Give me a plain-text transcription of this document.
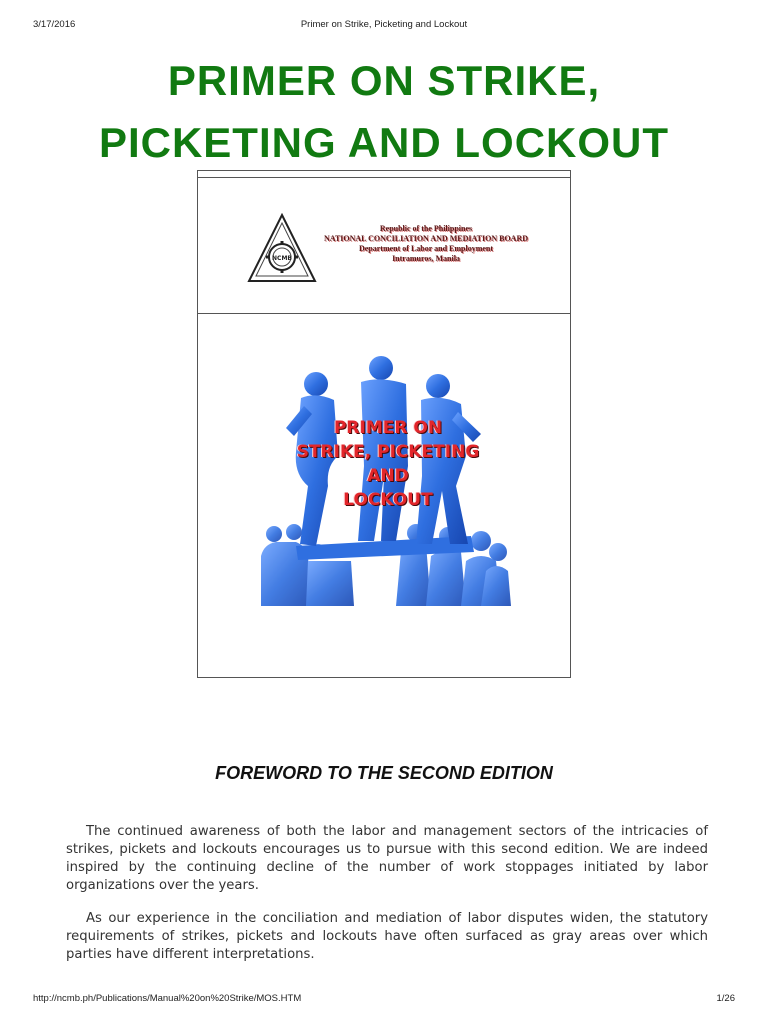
3/17/2016	Primer on Strike, Picketing and Lockout
PRIMER ON STRIKE,
PICKETING AND LOCKOUT
NCMB
Republic of the Philippines
NATIONAL CONCILIATION AND MEDIATION BOARD
Department of Labor and Employment
Intramuros, Manila
PRIMER ON
STRIKE, PICKETING
AND
LOCKOUT
FOREWORD TO THE SECOND EDITION
The continued awareness of both the labor and management sectors of the intricacies of strikes, pickets and lockouts encourages us to pursue with this second edition. We are indeed inspired by the continuing decline of the number of work stoppages initiated by labor organizations over the years.
As our experience in the conciliation and mediation of labor disputes widen, the statutory requirements of strikes, pickets and lockouts have often surfaced as gray areas over which parties have different interpretations.
http://ncmb.ph/Publications/Manual%20on%20Strike/MOS.HTM	1/26
